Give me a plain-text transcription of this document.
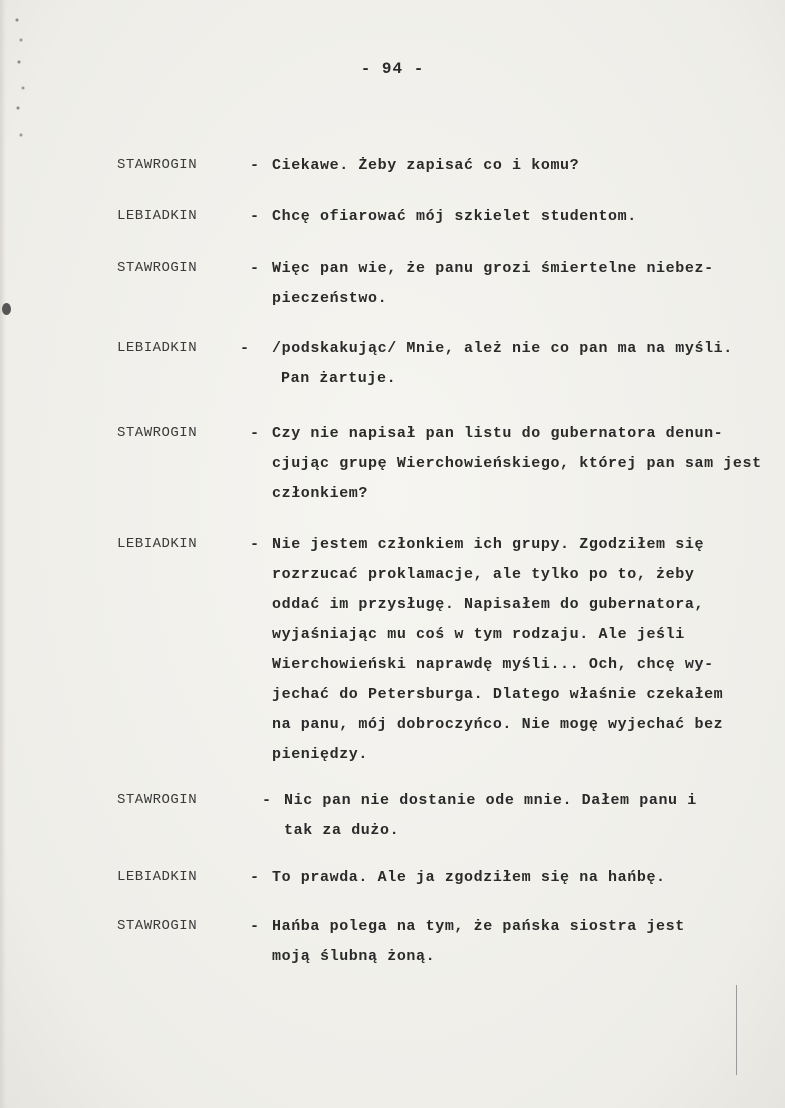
- 94 -
STAWROGIN	- Ciekawe. Żeby zapisać co i komu?
LEBIADKIN	- Chcę ofiarować mój szkielet studentom.
STAWROGIN	- Więc pan wie, że panu grozi śmiertelne niebez-
pieczeństwo.
LEBIADKIN	- /podskakując/ Mnie, ależ nie co pan ma na myśli.
Pan żartuje.
STAWROGIN	- Czy nie napisał pan listu do gubernatora denun-
cjując grupę Wierchowieńskiego, której pan sam jest
członkiem?
LEBIADKIN	- Nie jestem członkiem ich grupy. Zgodziłem się
rozrzucać proklamacje, ale tylko po to, żeby
oddać im przysługę. Napisałem do gubernatora,
wyjaśniając mu coś w tym rodzaju. Ale jeśli
Wierchowieński naprawdę myśli... Och, chcę wy-
jechać do Petersburga. Dlatego właśnie czekałem
na panu, mój dobroczyńco. Nie mogę wyjechać bez
pieniędzy.
STAWROGIN	- Nic pan nie dostanie ode mnie. Dałem panu i
tak za dużo.
LEBIADKIN	- To prawda. Ale ja zgodziłem się na hańbę.
STAWROGIN	- Hańba polega na tym, że pańska siostra jest
moją ślubną żoną.
